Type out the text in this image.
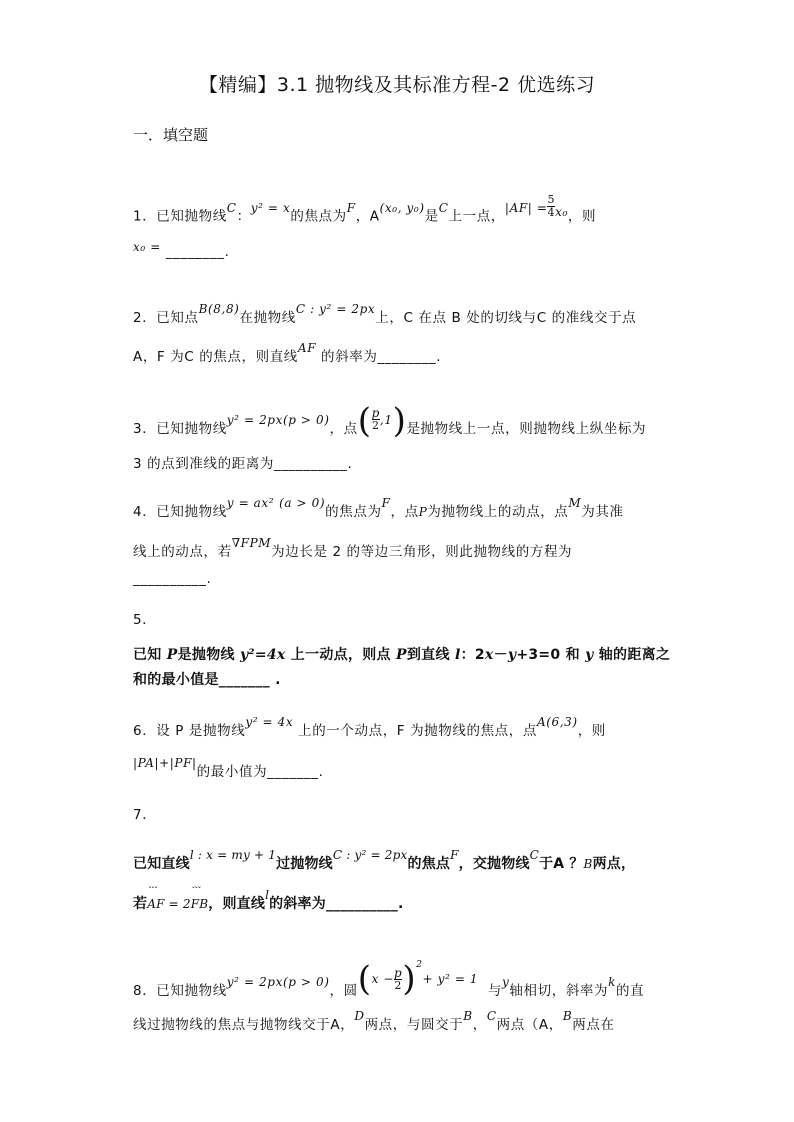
【精编】3.1 抛物线及其标准方程-2 优选练习
一．填空题
1．已知抛物线C：y² = x的焦点为F，A(x₀, y₀)是C上一点，$|AF| = \frac{5}{4} x_0$，则
x₀ = ________.
2．已知点B(8,8)在抛物线C : y² = 2px上，C 在点 B 处的切线与C 的准线交于点
A，F 为C 的焦点，则直线AF 的斜率为________.
3．已知抛物线y² = 2px(p > 0)，点( $\frac{p}{2} ,1$)是抛物线上一点，则抛物线上纵坐标为
3 的点到准线的距离为__________.
4．已知抛物线y = ax² (a > 0)的焦点为F，点P为抛物线上的动点，点M为其准
线上的动点，若∇FPM为边长是 2 的等边三角形，则此抛物线的方程为
__________.
5．
已知 P是抛物线 y²=4x 上一动点，则点 P到直线 l：2x－y+3=0 和 y 轴的距离之
和的最小值是_______ .
6．设 P 是抛物线y² = 4x 上的一个动点，F 为抛物线的焦点，点A(6,3)，则
|PA|+|PF|的最小值为_______.
7．
已知直线l : x = my + 1过抛物线C : y² = 2px的焦点F，交抛物线C于A ？B两点，
若ˇˇˇ AF = 2ˇˇˇ FB，则直线l的斜率为__________.
8．已知抛物线y² = 2px(p > 0)，圆$(x - \frac{p}{2} )^2+ y^2 = 1$  与y轴相切，斜率为k的直
线过抛物线的焦点与抛物线交于A，D两点，与圆交于B，C两点（A，B两点在
